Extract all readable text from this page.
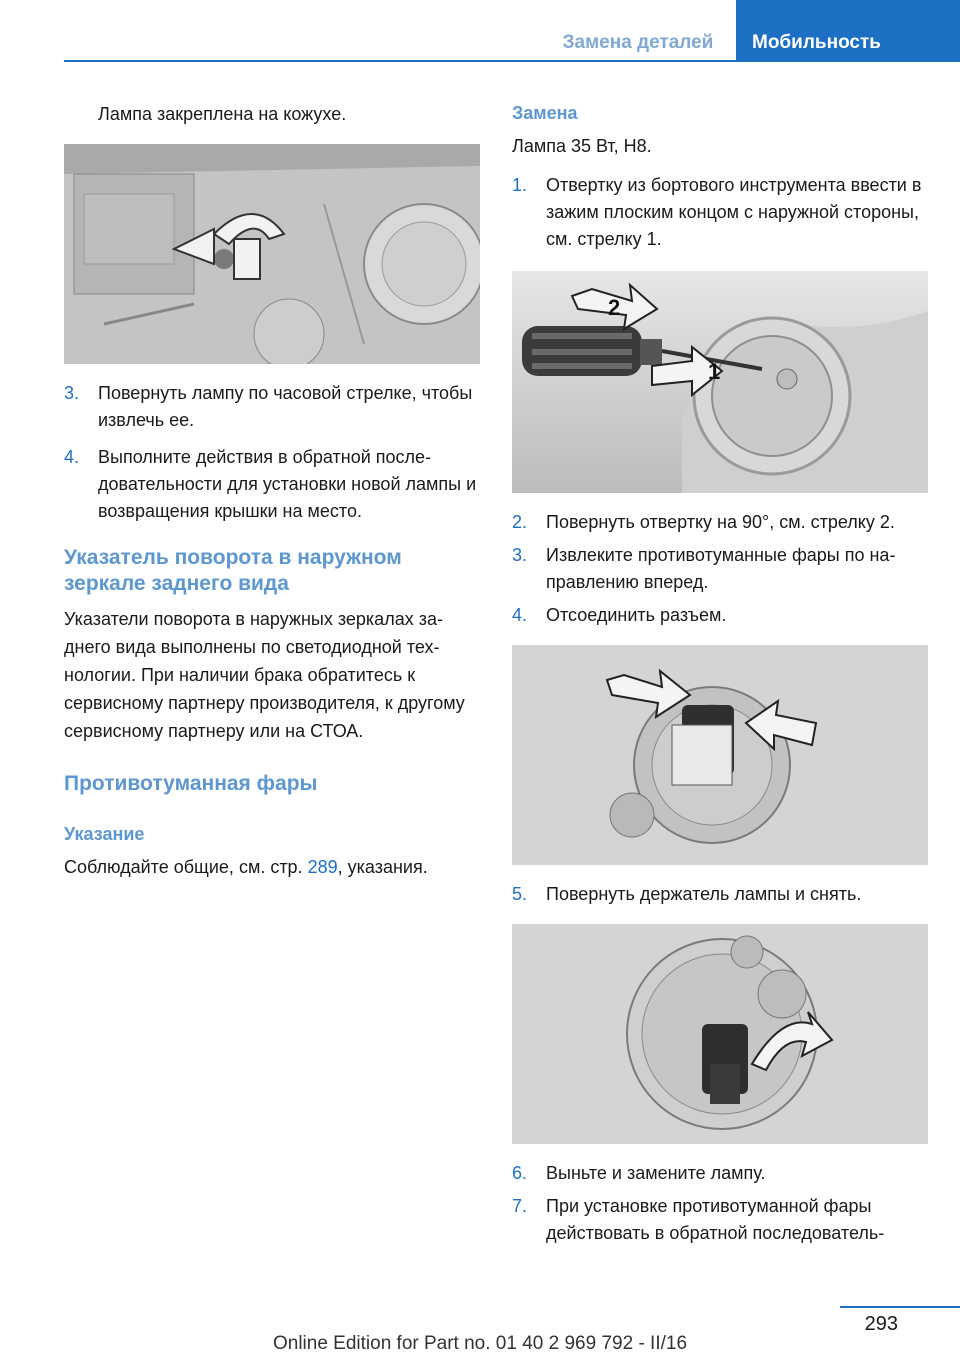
Замена деталей	Мобильность

Лампа закреплена на кожухе.

3.	Повернуть лампу по часовой стрелке, чтобы извлечь ее.
4.	Выполните действия в обратной последовательности для установки новой лампы и возвращения крышки на место.
Указатель поворота в наружном зеркале заднего вида

Указатели поворота в наружных зеркалах заднего вида выполнены по светодиодной технологии. При наличии брака обратитесь к сервисному партнеру производителя, к другому сервисному партнеру или на СТОА.

Противотуманная фары
Указание

Соблюдайте общие, см. стр. 289, указания.

Замена

Лампа 35 Вт, H8.

1.	Отвертку из бортового инструмента ввести в зажим плоским концом с наружной стороны, см. стрелку 1.
2
1
2.	Повернуть отвертку на 90°, см. стрелку 2.
3.	Извлеките противотуманные фары по направлению вперед.
4.	Отсоединить разъем.
5.	Повернуть держатель лампы и снять.
6.	Выньте и замените лампу.
7.	При установке противотуманной фары действовать в обратной последователь-
293
Online Edition for Part no. 01 40 2 969 792 - II/16
